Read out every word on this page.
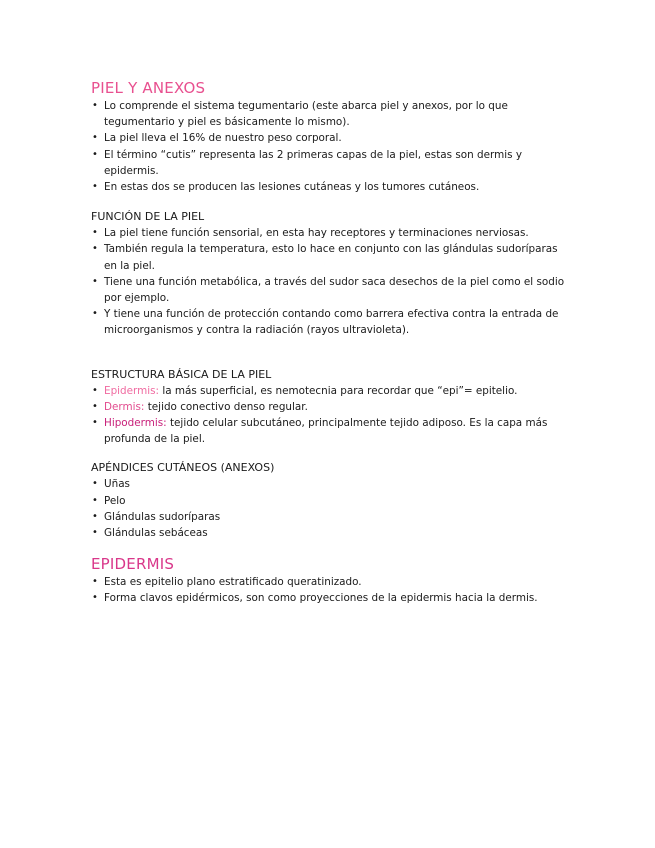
PIEL Y ANEXOS
• Lo comprende el sistema tegumentario (este abarca piel y anexos, por lo que tegumentario y piel es básicamente lo mismo).
• La piel lleva el 16% de nuestro peso corporal.
• El término “cutis” representa las 2 primeras capas de la piel, estas son dermis y epidermis.
• En estas dos se producen las lesiones cutáneas y los tumores cutáneos.
FUNCIÓN DE LA PIEL
• La piel tiene función sensorial, en esta hay receptores y terminaciones nerviosas.
• También regula la temperatura, esto lo hace en conjunto con las glándulas sudoríparas en la piel.
• Tiene una función metabólica, a través del sudor saca desechos de la piel como el sodio por ejemplo.
• Y tiene una función de protección contando como barrera efectiva contra la entrada de microorganismos y contra la radiación (rayos ultravioleta).
ESTRUCTURA BÁSICA DE LA PIEL
• Epidermis: la más superficial, es nemotecnia para recordar que “epi”= epitelio.
• Dermis: tejido conectivo denso regular.
• Hipodermis: tejido celular subcutáneo, principalmente tejido adiposo. Es la capa más profunda de la piel.
APÉNDICES CUTÁNEOS (ANEXOS)
• Uñas
• Pelo
• Glándulas sudoríparas
• Glándulas sebáceas
EPIDERMIS
• Esta es epitelio plano estratificado queratinizado.
• Forma clavos epidérmicos, son como proyecciones de la epidermis hacia la dermis.
